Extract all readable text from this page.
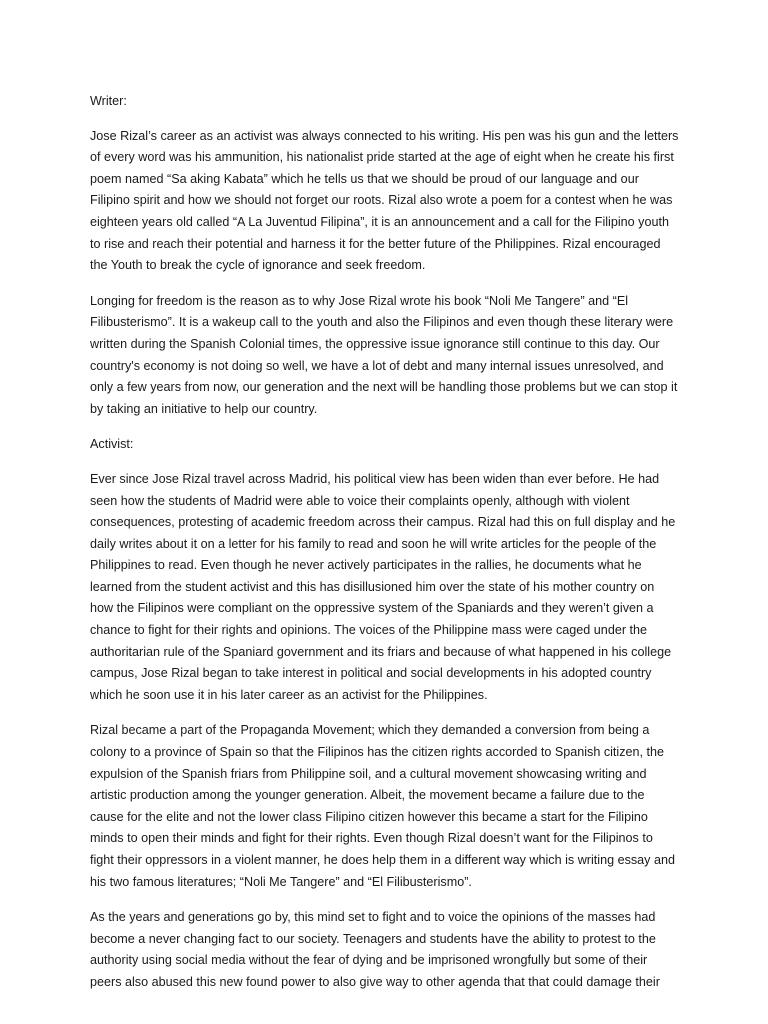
Writer:

Jose Rizal’s career as an activist was always connected to his writing. His pen was his gun and the letters of every word was his ammunition, his nationalist pride started at the age of eight when he create his first poem named “Sa aking Kabata” which he tells us that we should be proud of our language and our Filipino spirit and how we should not forget our roots. Rizal also wrote a poem for a contest when he was eighteen years old called “A La Juventud Filipina”, it is an announcement and a call for the Filipino youth to rise and reach their potential and harness it for the better future of the Philippines. Rizal encouraged the Youth to break the cycle of ignorance and seek freedom.

Longing for freedom is the reason as to why Jose Rizal wrote his book “Noli Me Tangere” and “El Filibusterismo”. It is a wakeup call to the youth and also the Filipinos and even though these literary were written during the Spanish Colonial times, the oppressive issue ignorance still continue to this day. Our country's economy is not doing so well, we have a lot of debt and many internal issues unresolved, and only a few years from now, our generation and the next will be handling those problems but we can stop it by taking an initiative to help our country.

Activist:

Ever since Jose Rizal travel across Madrid, his political view has been widen than ever before. He had seen how the students of Madrid were able to voice their complaints openly, although with violent consequences, protesting of academic freedom across their campus. Rizal had this on full display and he daily writes about it on a letter for his family to read and soon he will write articles for the people of the Philippines to read. Even though he never actively participates in the rallies, he documents what he learned from the student activist and this has disillusioned him over the state of his mother country on how the Filipinos were compliant on the oppressive system of the Spaniards and they weren’t given a chance to fight for their rights and opinions. The voices of the Philippine mass were caged under the authoritarian rule of the Spaniard government and its friars and because of what happened in his college campus, Jose Rizal began to take interest in political and social developments in his adopted country which he soon use it in his later career as an activist for the Philippines.

Rizal became a part of the Propaganda Movement; which they demanded a conversion from being a colony to a province of Spain so that the Filipinos has the citizen rights accorded to Spanish citizen, the expulsion of the Spanish friars from Philippine soil, and a cultural movement showcasing writing and artistic production among the younger generation. Albeit, the movement became a failure due to the cause for the elite and not the lower class Filipino citizen however this became a start for the Filipino minds to open their minds and fight for their rights. Even though Rizal doesn’t want for the Filipinos to fight their oppressors in a violent manner, he does help them in a different way which is writing essay and his two famous literatures; “Noli Me Tangere” and “El Filibusterismo”.

As the years and generations go by, this mind set to fight and to voice the opinions of the masses had become a never changing fact to our society. Teenagers and students have the ability to protest to the authority using social media without the fear of dying and be imprisoned wrongfully but some of their peers also abused this new found power to also give way to other agenda that that could damage their
